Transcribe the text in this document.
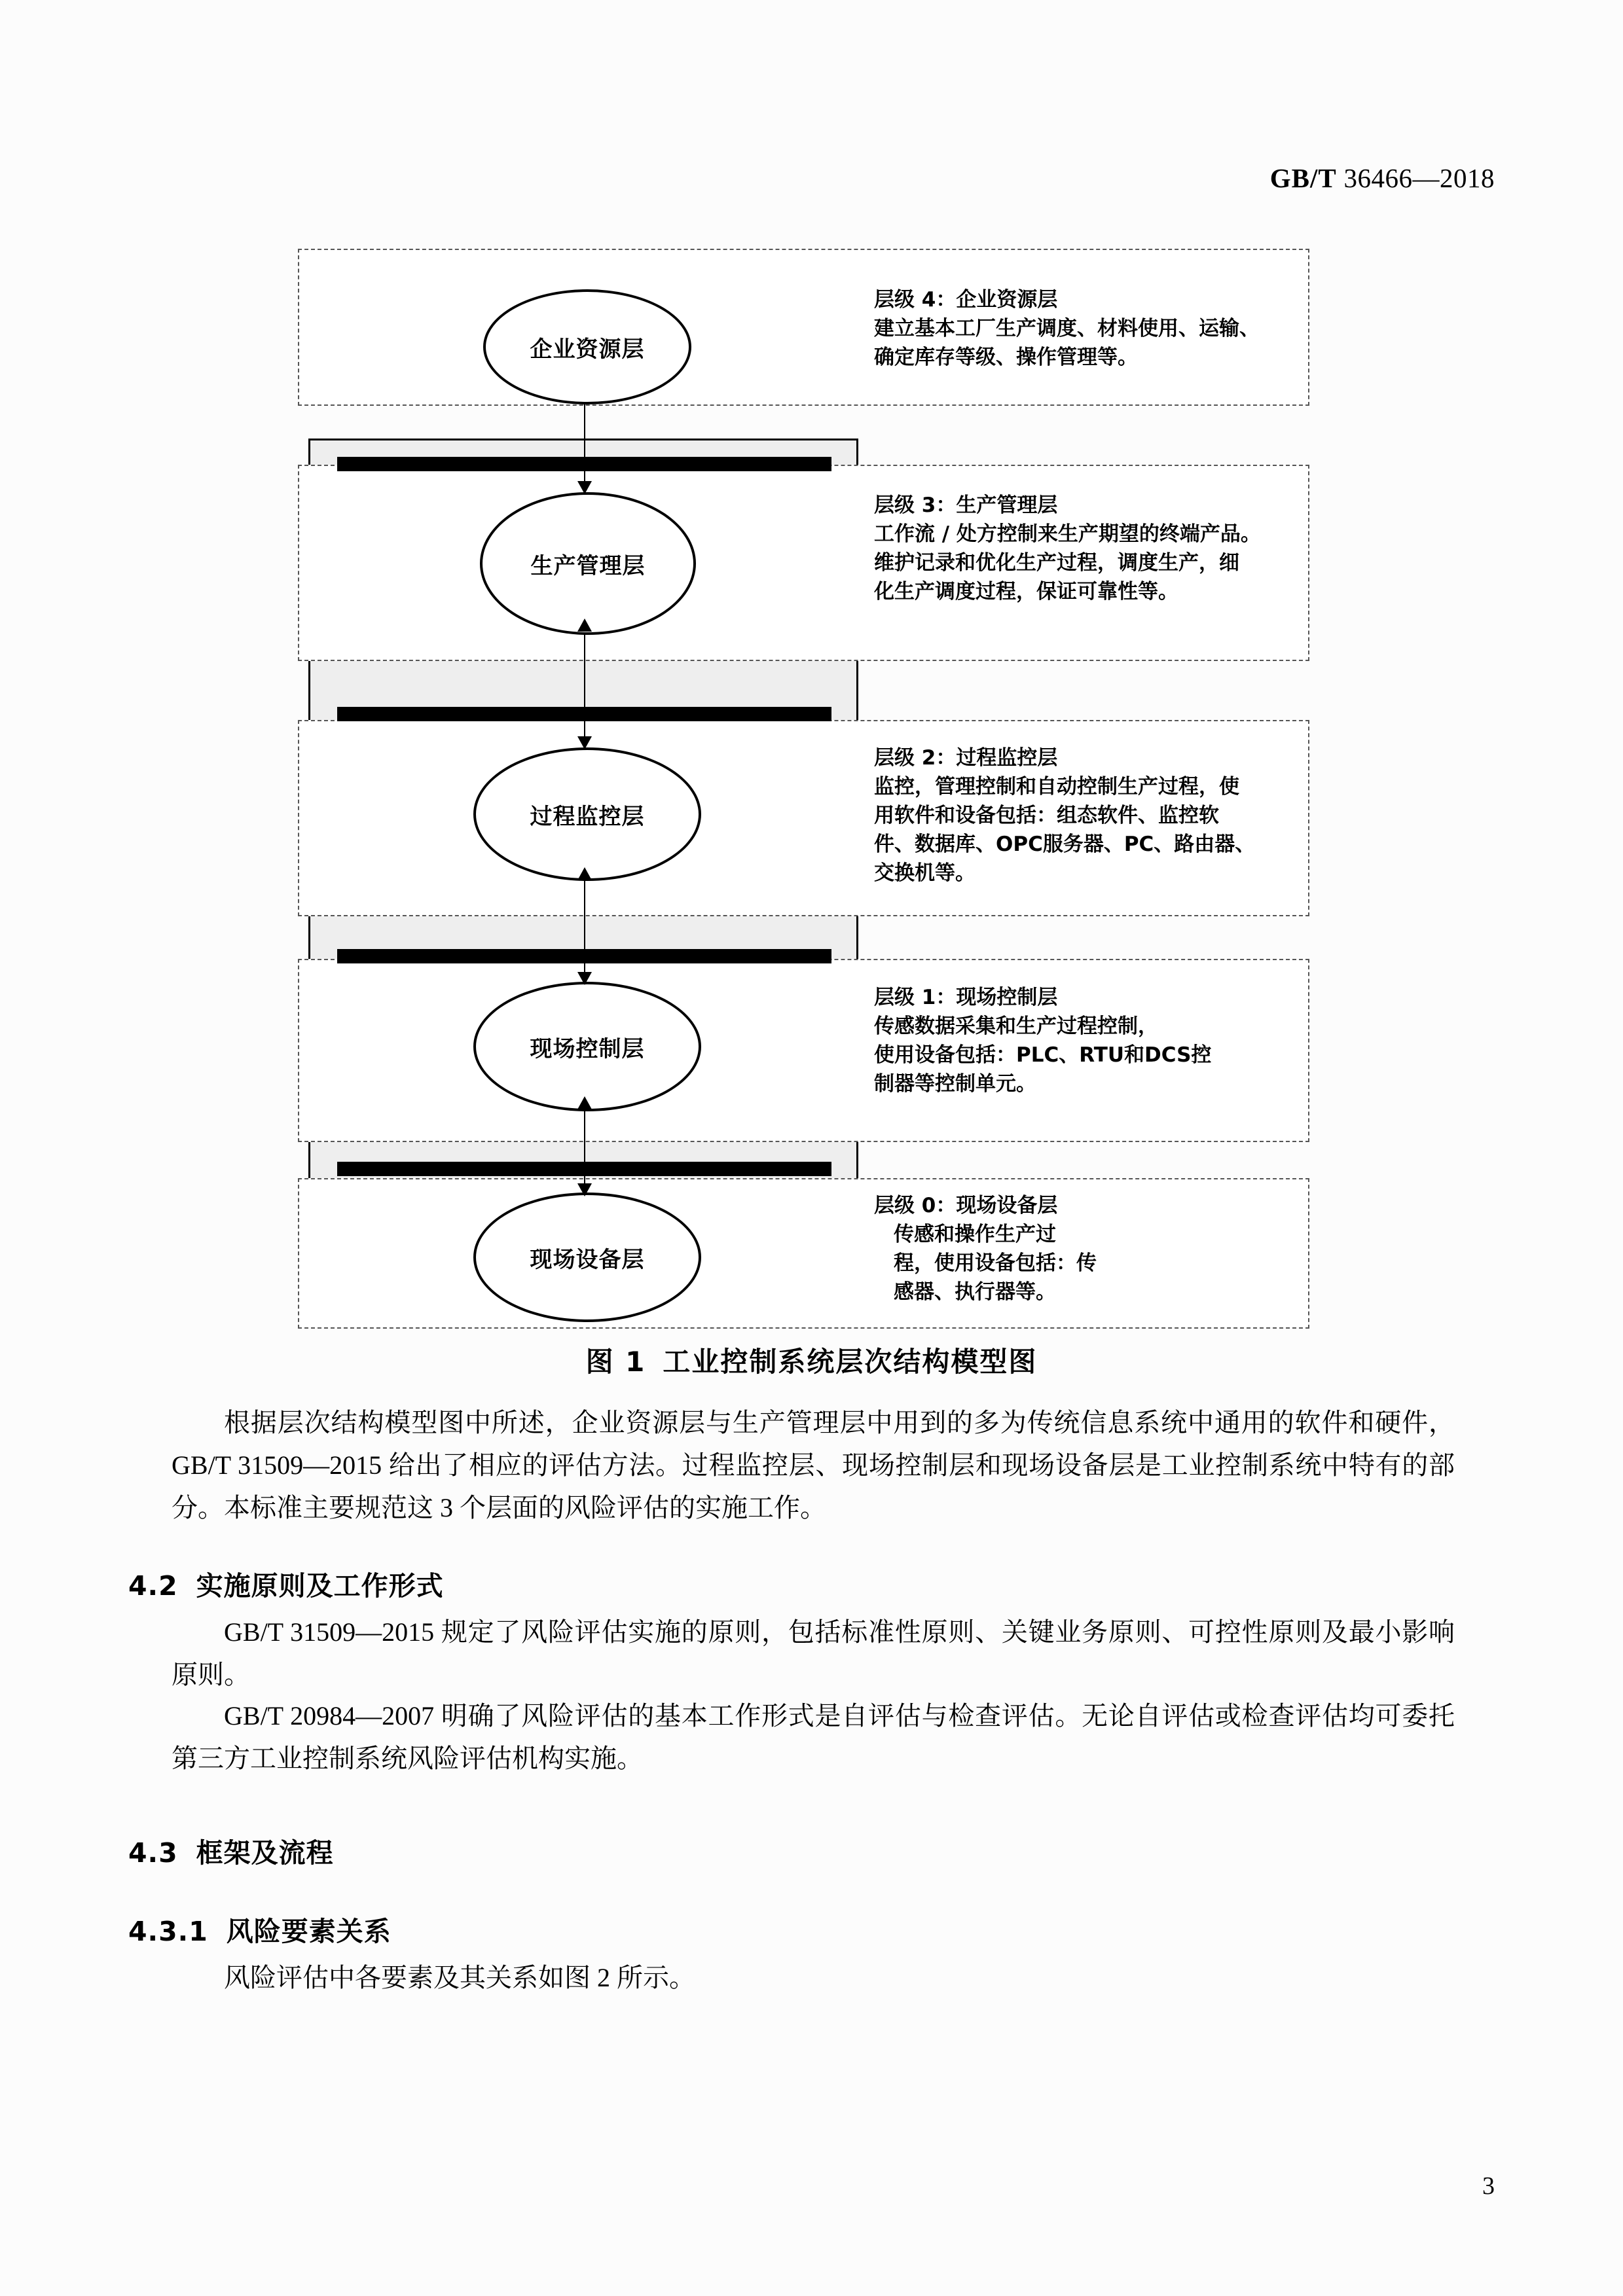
GB/T 36466—2018
企业资源层
生产管理层
过程监控层
现场控制层
现场设备层
层级 4：企业资源层
建立基本工厂生产调度、材料使用、运输、
确定库存等级、操作管理等。
层级 3：生产管理层
工作流 / 处方控制来生产期望的终端产品。
维护记录和优化生产过程，调度生产，细
化生产调度过程，保证可靠性等。
层级 2：过程监控层
监控，管理控制和自动控制生产过程，使
用软件和设备包括：组态软件、监控软
件、数据库、OPC服务器、PC、路由器、
交换机等。
层级 1：现场控制层
传感数据采集和生产过程控制，
使用设备包括：PLC、RTU和DCS控
制器等控制单元。
层级 0：现场设备层
传感和操作生产过
程，使用设备包括：传
感器、执行器等。
图 1 工业控制系统层次结构模型图

根据层次结构模型图中所述，企业资源层与生产管理层中用到的多为传统信息系统中通用的软件和硬件，GB/T 31509—2015 给出了相应的评估方法。过程监控层、现场控制层和现场设备层是工业控制系统中特有的部分。本标准主要规范这 3 个层面的风险评估的实施工作。

4.2 实施原则及工作形式

GB/T 31509—2015 规定了风险评估实施的原则，包括标准性原则、关键业务原则、可控性原则及最小影响原则。

GB/T 20984—2007 明确了风险评估的基本工作形式是自评估与检查评估。无论自评估或检查评估均可委托第三方工业控制系统风险评估机构实施。

4.3 框架及流程
4.3.1 风险要素关系

风险评估中各要素及其关系如图 2 所示。

3
